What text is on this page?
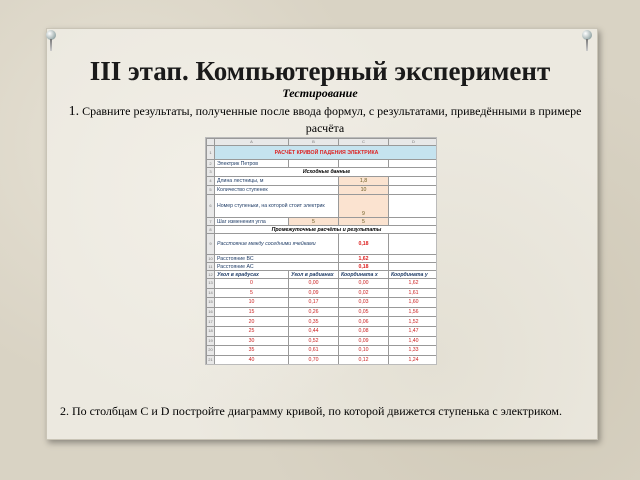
III этап. Компьютерный эксперимент
Тестирование
1. Сравните результаты, полученные после ввода формул, с результатами, приведёнными в примере расчёта
	A	B	C	D
1	РАСЧЁТ КРИВОЙ ПАДЕНИЯ ЭЛЕКТРИКА			
2	Электрик Петров			
3	Исходные данные			
4	Длина лестницы, м		1,8	
5	Количество ступенек		10	
6	Номер ступеньки, на которой стоит электрик		9	
7	Шаг изменения угла	5	5	
8	Промежуточные расчёты и результаты			
9	Расстояние между соседними ячейками		0,18	
10	Расстояние BC		1,62	
11	Расстояние AC		0,18	
12	Угол в градусах	Угол в радианах	Координата x	Координата y
13	0	0,00	0,00	1,62
14	5	0,09	0,02	1,61
15	10	0,17	0,03	1,60
16	15	0,26	0,05	1,56
17	20	0,35	0,06	1,52
18	25	0,44	0,08	1,47
19	30	0,52	0,09	1,40
20	35	0,61	0,10	1,33
21	40	0,70	0,12	1,24
2. По столбцам C и D постройте диаграмму кривой, по которой движется ступенька с электриком.
